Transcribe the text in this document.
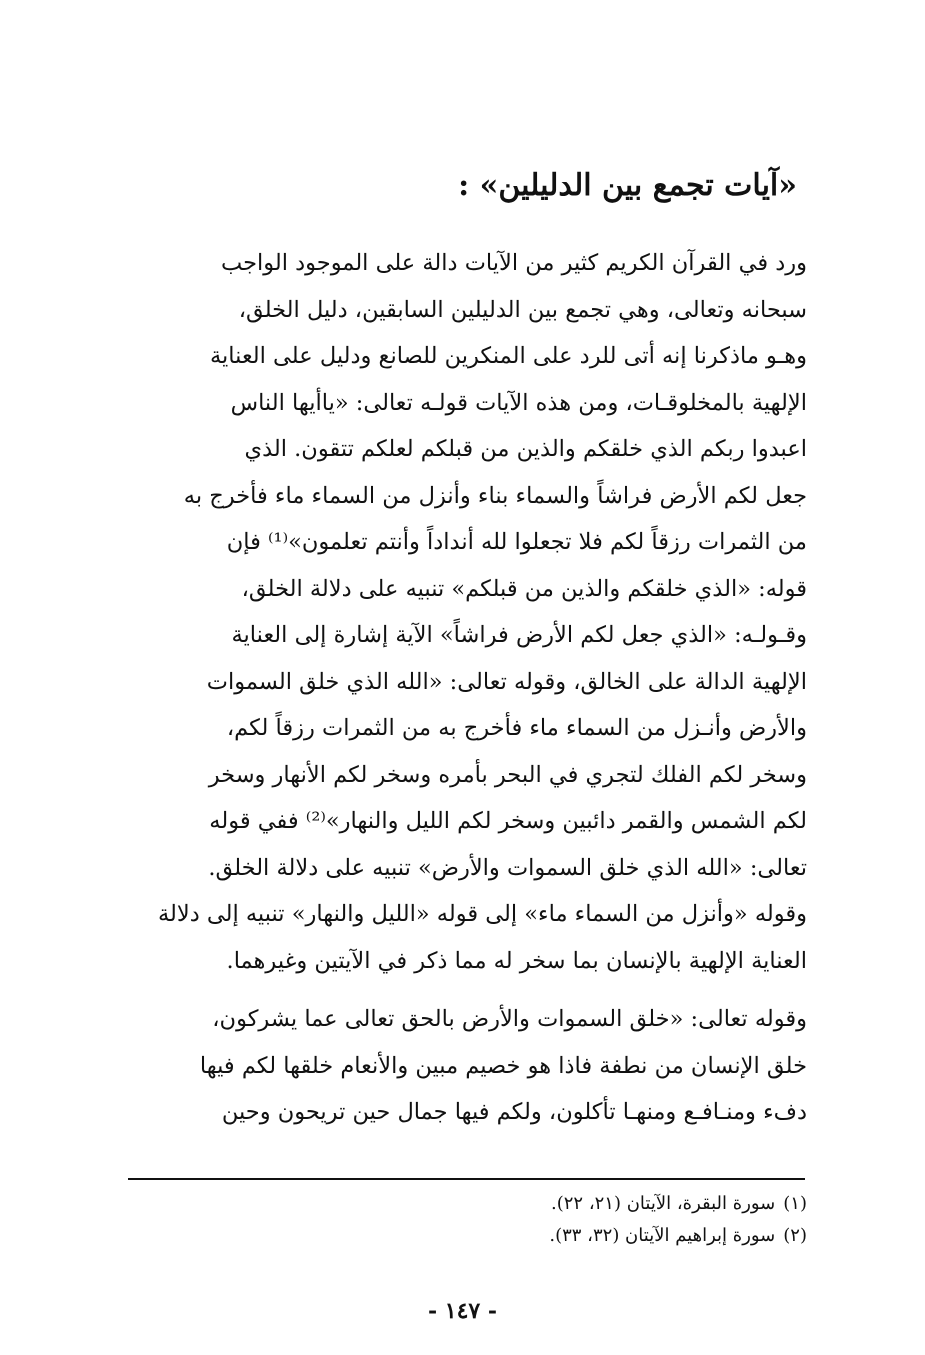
«آيات تجمع بين الدليلين» :
ورد في القرآن الكريم كثير من الآيات دالة على الموجود الواجب
سبحانه وتعالى، وهي تجمع بين الدليلين السابقين، دليل الخلق،
وهـو ماذكرنا إنه أتى للرد على المنكرين للصانع ودليل على العناية
الإلهية بالمخلوقـات، ومن هذه الآيات قولـه تعالى: «ياأيها الناس
اعبدوا ربكم الذي خلقكم والذين من قبلكم لعلكم تتقون. الذي
جعل لكم الأرض فراشاً والسماء بناء وأنزل من السماء ماء فأخرج به
من الثمرات رزقاً لكم فلا تجعلوا لله أنداداً وأنتم تعلمون»⁽¹⁾ فإن
قوله: «الذي خلقكم والذين من قبلكم» تنبيه على دلالة الخلق،
وقـولـه: «الذي جعل لكم الأرض فراشاً» الآية إشارة إلى العناية
الإلهية الدالة على الخالق، وقوله تعالى: «الله الذي خلق السموات
والأرض وأنـزل من السماء ماء فأخرج به من الثمرات رزقاً لكم،
وسخر لكم الفلك لتجري في البحر بأمره وسخر لكم الأنهار وسخر
لكم الشمس والقمر دائبين وسخر لكم الليل والنهار»⁽²⁾ ففي قوله
تعالى: «الله الذي خلق السموات والأرض» تنبيه على دلالة الخلق.
وقوله «وأنزل من السماء ماء» إلى قوله «الليل والنهار» تنبيه إلى دلالة
العناية الإلهية بالإنسان بما سخر له مما ذكر في الآيتين وغيرهما.
وقوله تعالى: «خلق السموات والأرض بالحق تعالى عما يشركون،
خلق الإنسان من نطفة فاذا هو خصيم مبين والأنعام خلقها لكم فيها
دفء ومنـافـع ومنهـا تأكلون، ولكم فيها جمال حين تريحون وحين
(١)سورة البقرة، الآيتان (٢١، ٢٢).
(٢)سورة إبراهيم الآيتان (٣٢، ٣٣).
- ١٤٧ -
